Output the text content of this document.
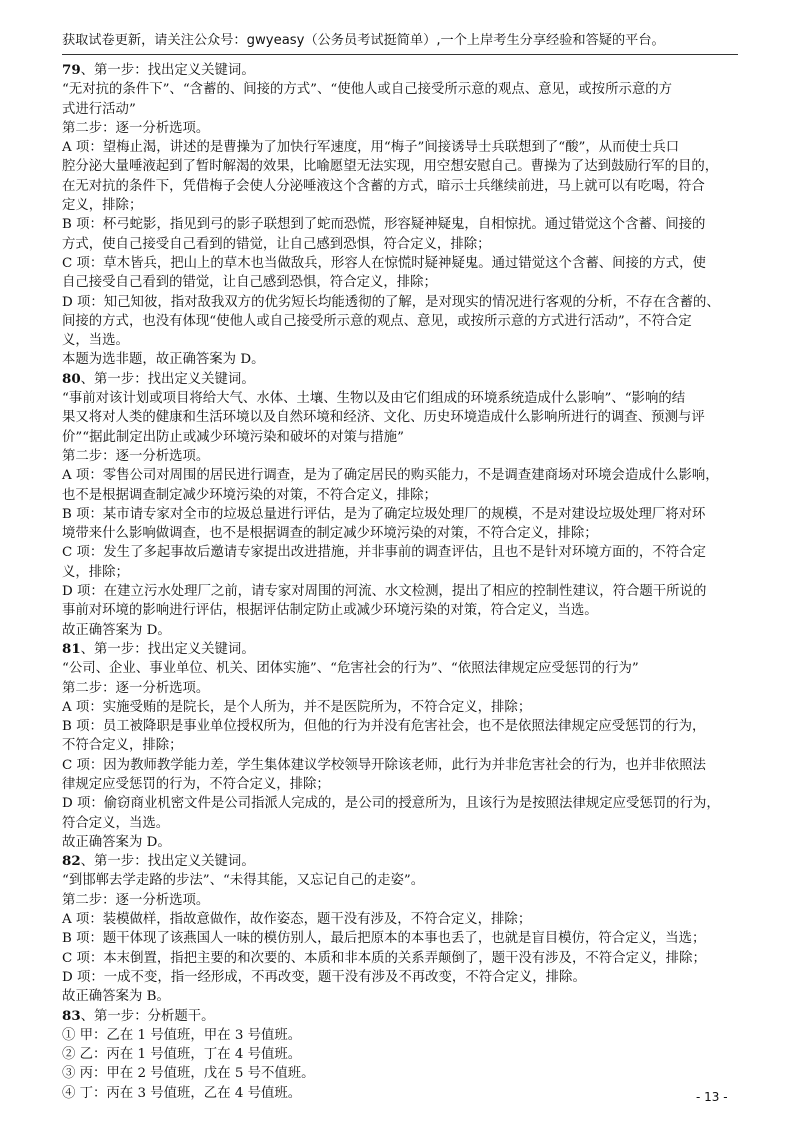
获取试卷更新，请关注公众号：gwyeasy（公务员考试挺简单）,一个上岸考生分享经验和答疑的平台。
79、第一步：找出定义关键词。
“无对抗的条件下”、“含蓄的、间接的方式”、“使他人或自己接受所示意的观点、意见，或按所示意的方
式进行活动”
第二步：逐一分析选项。
A 项：望梅止渴，讲述的是曹操为了加快行军速度，用“梅子”间接诱导士兵联想到了“酸”，从而使士兵口
腔分泌大量唾液起到了暂时解渴的效果，比喻愿望无法实现，用空想安慰自己。曹操为了达到鼓励行军的目的，
在无对抗的条件下，凭借梅子会使人分泌唾液这个含蓄的方式，暗示士兵继续前进，马上就可以有吃喝，符合
定义，排除；
B 项：杯弓蛇影，指见到弓的影子联想到了蛇而恐慌，形容疑神疑鬼，自相惊扰。通过错觉这个含蓄、间接的
方式，使自己接受自己看到的错觉，让自己感到恐惧，符合定义，排除；
C 项：草木皆兵，把山上的草木也当做敌兵，形容人在惊慌时疑神疑鬼。通过错觉这个含蓄、间接的方式，使
自己接受自己看到的错觉，让自己感到恐惧，符合定义，排除；
D 项：知己知彼，指对敌我双方的优劣短长均能透彻的了解，是对现实的情况进行客观的分析，不存在含蓄的、
间接的方式，也没有体现“使他人或自己接受所示意的观点、意见，或按所示意的方式进行活动”，不符合定
义，当选。
本题为选非题，故正确答案为 D。
80、第一步：找出定义关键词。
“事前对该计划或项目将给大气、水体、土壤、生物以及由它们组成的环境系统造成什么影响”、“影响的结
果又将对人类的健康和生活环境以及自然环境和经济、文化、历史环境造成什么影响所进行的调查、预测与评
价”“据此制定出防止或减少环境污染和破坏的对策与措施”
第二步：逐一分析选项。
A 项：零售公司对周围的居民进行调查，是为了确定居民的购买能力，不是调查建商场对环境会造成什么影响，
也不是根据调查制定减少环境污染的对策，不符合定义，排除；
B 项：某市请专家对全市的垃圾总量进行评估，是为了确定垃圾处理厂的规模，不是对建设垃圾处理厂将对环
境带来什么影响做调查，也不是根据调查的制定减少环境污染的对策，不符合定义，排除；
C 项：发生了多起事故后邀请专家提出改进措施，并非事前的调查评估，且也不是针对环境方面的，不符合定
义，排除；
D 项：在建立污水处理厂之前，请专家对周围的河流、水文检测，提出了相应的控制性建议，符合题干所说的
事前对环境的影响进行评估，根据评估制定防止或减少环境污染的对策，符合定义，当选。
故正确答案为 D。
81、第一步：找出定义关键词。
“公司、企业、事业单位、机关、团体实施”、“危害社会的行为”、“依照法律规定应受惩罚的行为”
第二步：逐一分析选项。
A 项：实施受贿的是院长，是个人所为，并不是医院所为，不符合定义，排除；
B 项：员工被降职是事业单位授权所为，但他的行为并没有危害社会，也不是依照法律规定应受惩罚的行为，
不符合定义，排除；
C 项：因为教师教学能力差，学生集体建议学校领导开除该老师，此行为并非危害社会的行为，也并非依照法
律规定应受惩罚的行为，不符合定义，排除；
D 项：偷窃商业机密文件是公司指派人完成的，是公司的授意所为，且该行为是按照法律规定应受惩罚的行为，
符合定义，当选。
故正确答案为 D。
82、第一步：找出定义关键词。
“到邯郸去学走路的步法”、“未得其能，又忘记自己的走姿”。
第二步：逐一分析选项。
A 项：装模做样，指故意做作，故作姿态，题干没有涉及，不符合定义，排除；
B 项：题干体现了该燕国人一味的模仿别人，最后把原本的本事也丢了，也就是盲目模仿，符合定义，当选；
C 项：本末倒置，指把主要的和次要的、本质和非本质的关系弄颠倒了，题干没有涉及，不符合定义，排除；
D 项：一成不变，指一经形成，不再改变，题干没有涉及不再改变，不符合定义，排除。
故正确答案为 B。
83、第一步：分析题干。
① 甲：乙在 1 号值班，甲在 3 号值班。
② 乙：丙在 1 号值班，丁在 4 号值班。
③ 丙：甲在 2 号值班，戊在 5 号不值班。
④ 丁：丙在 3 号值班，乙在 4 号值班。	- 13 -
